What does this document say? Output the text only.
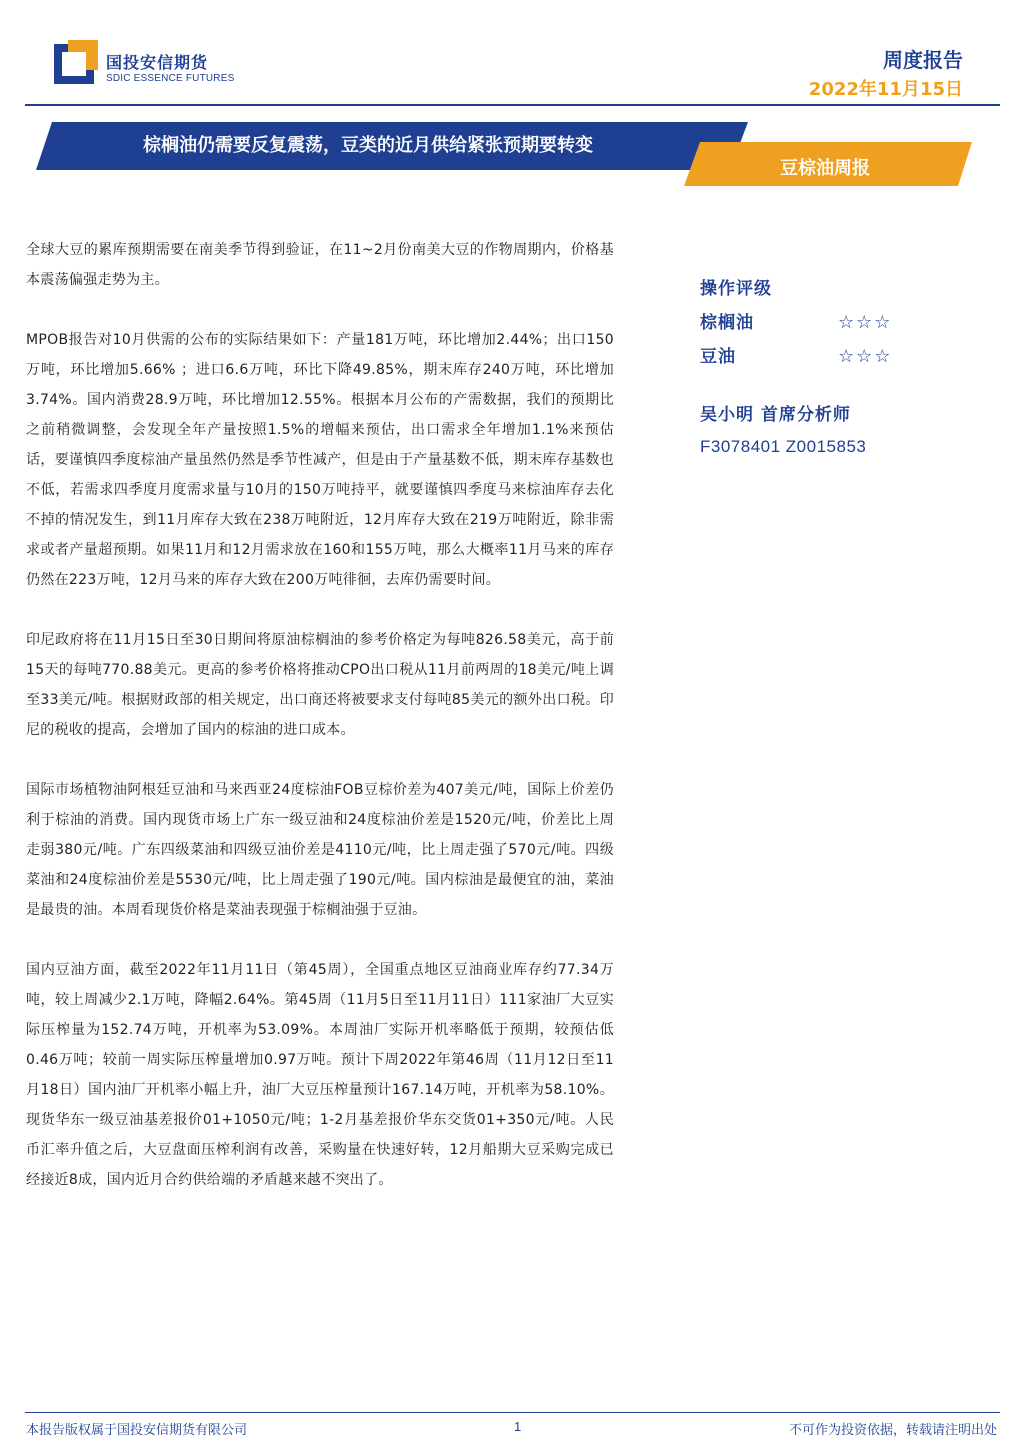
国投安信期货
SDIC ESSENCE FUTURES
周度报告
2022年11月15日
棕榈油仍需要反复震荡，豆类的近月供给紧张预期要转变
豆棕油周报

全球大豆的累库预期需要在南美季节得到验证，在11~2月份南美大豆的作物周期内，价格基本震荡偏强走势为主。

MPOB报告对10月供需的公布的实际结果如下：产量181万吨，环比增加2.44%；出口150万吨，环比增加5.66% ；进口6.6万吨，环比下降49.85%，期末库存240万吨，环比增加3.74%。国内消费28.9万吨，环比增加12.55%。根据本月公布的产需数据，我们的预期比之前稍微调整，会发现全年产量按照1.5%的增幅来预估，出口需求全年增加1.1%来预估话，要谨慎四季度棕油产量虽然仍然是季节性减产，但是由于产量基数不低，期末库存基数也不低，若需求四季度月度需求量与10月的150万吨持平，就要谨慎四季度马来棕油库存去化不掉的情况发生，到11月库存大致在238万吨附近，12月库存大致在219万吨附近，除非需求或者产量超预期。如果11月和12月需求放在160和155万吨，那么大概率11月马来的库存仍然在223万吨，12月马来的库存大致在200万吨徘徊，去库仍需要时间。

印尼政府将在11月15日至30日期间将原油棕榈油的参考价格定为每吨826.58美元，高于前15天的每吨770.88美元。更高的参考价格将推动CPO出口税从11月前两周的18美元/吨上调至33美元/吨。根据财政部的相关规定，出口商还将被要求支付每吨85美元的额外出口税。印尼的税收的提高，会增加了国内的棕油的进口成本。

国际市场植物油阿根廷豆油和马来西亚24度棕油FOB豆棕价差为407美元/吨，国际上价差仍利于棕油的消费。国内现货市场上广东一级豆油和24度棕油价差是1520元/吨，价差比上周走弱380元/吨。广东四级菜油和四级豆油价差是4110元/吨，比上周走强了570元/吨。四级菜油和24度棕油价差是5530元/吨，比上周走强了190元/吨。国内棕油是最便宜的油，菜油是最贵的油。本周看现货价格是菜油表现强于棕榈油强于豆油。

国内豆油方面，截至2022年11月11日（第45周），全国重点地区豆油商业库存约77.34万吨，较上周减少2.1万吨，降幅2.64%。第45周（11月5日至11月11日）111家油厂大豆实际压榨量为152.74万吨，开机率为53.09%。本周油厂实际开机率略低于预期，较预估低0.46万吨；较前一周实际压榨量增加0.97万吨。预计下周2022年第46周（11月12日至11月18日）国内油厂开机率小幅上升，油厂大豆压榨量预计167.14万吨，开机率为58.10%。现货华东一级豆油基差报价01+1050元/吨；1-2月基差报价华东交货01+350元/吨。人民币汇率升值之后，大豆盘面压榨利润有改善，采购量在快速好转，12月船期大豆采购完成已经接近8成，国内近月合约供给端的矛盾越来越不突出了。

操作评级
棕榈油	☆☆☆
豆油	☆☆☆
吴小明 首席分析师
F3078401 Z0015853
本报告版权属于国投安信期货有限公司	1	不可作为投资依据，转载请注明出处
